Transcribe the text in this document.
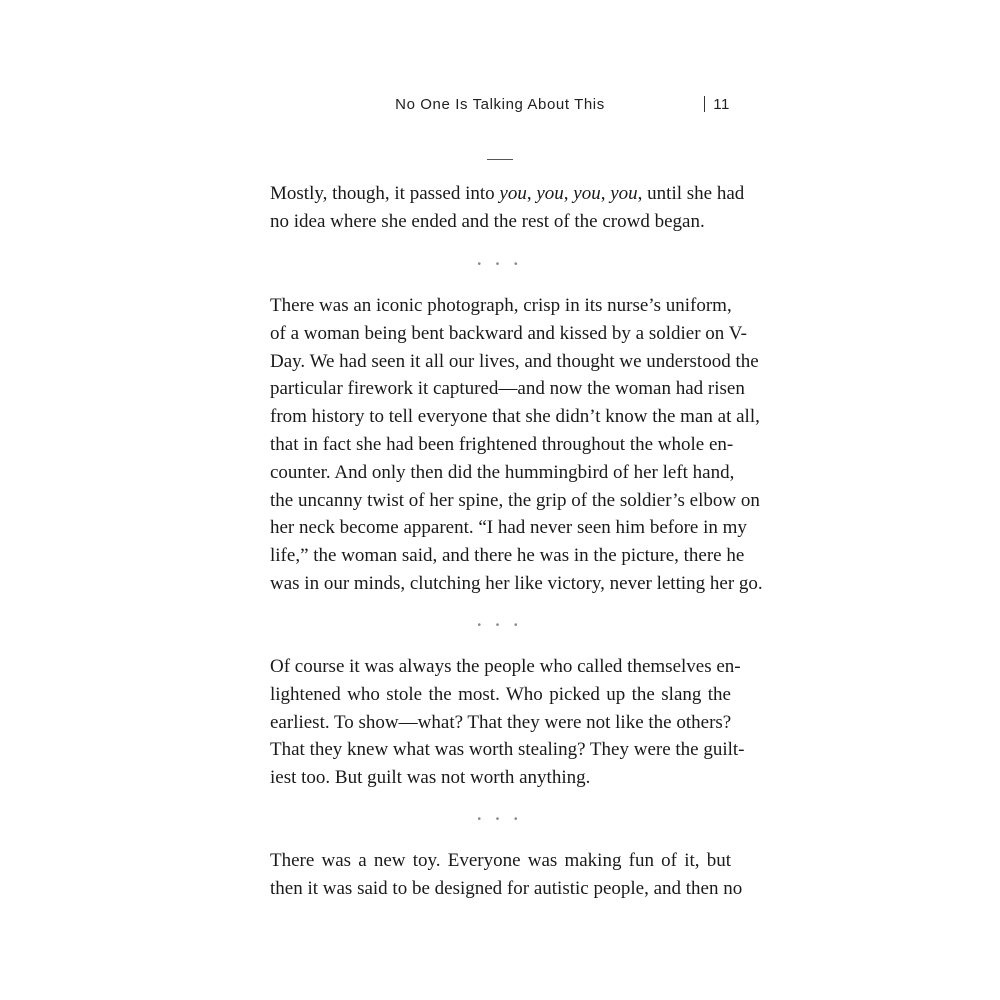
No One Is Talking About This	11
Mostly, though, it passed into you, you, you, you, until she had
no idea where she ended and the rest of the crowd began.
• • •
There was an iconic photograph, crisp in its nurse’s uniform,
of a woman being bent backward and kissed by a soldier on V-
Day. We had seen it all our lives, and thought we understood the
particular firework it captured—and now the woman had risen
from history to tell everyone that she didn’t know the man at all,
that in fact she had been frightened throughout the whole en-
counter. And only then did the hummingbird of her left hand,
the uncanny twist of her spine, the grip of the soldier’s elbow on
her neck become apparent. “I had never seen him before in my
life,” the woman said, and there he was in the picture, there he
was in our minds, clutching her like victory, never letting her go.
• • •
Of course it was always the people who called themselves en-
lightened who stole the most. Who picked up the slang the
earliest. To show—what? That they were not like the others?
That they knew what was worth stealing? They were the guilt-
iest too. But guilt was not worth anything.
• • •
There was a new toy. Everyone was making fun of it, but
then it was said to be designed for autistic people, and then no
